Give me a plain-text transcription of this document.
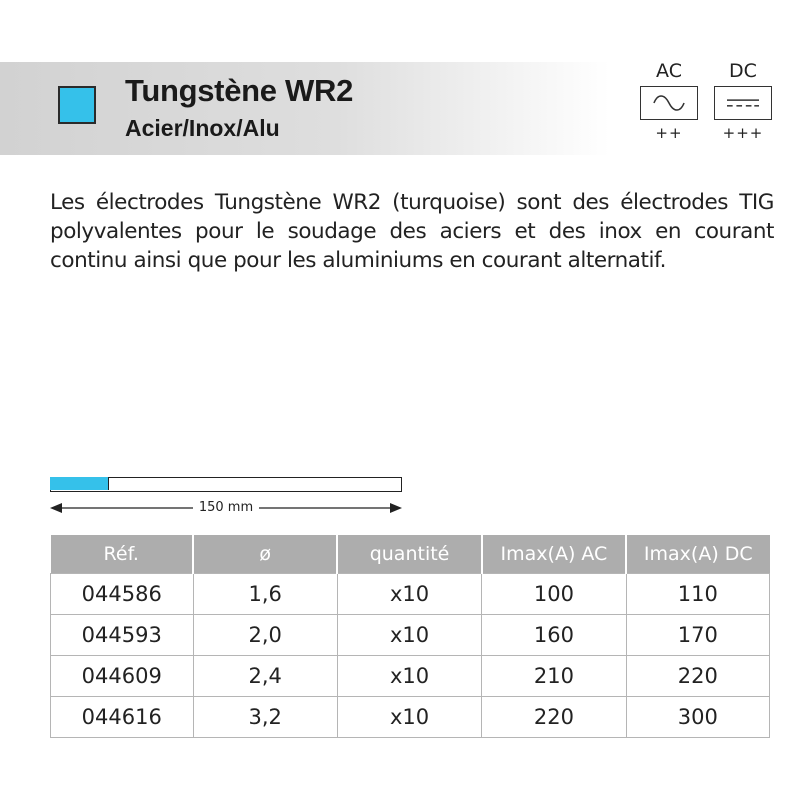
Tungstène WR2
Acier/Inox/Alu
AC
++
DC
+++
Les électrodes Tungstène WR2 (turquoise) sont des électrodes TIG polyvalentes pour le soudage des aciers et des inox en courant continu ainsi que pour les aluminiums en courant alternatif.
150 mm
Réf.	ø	quantité	Imax(A) AC	Imax(A) DC
044586	1,6	x10	100	110
044593	2,0	x10	160	170
044609	2,4	x10	210	220
044616	3,2	x10	220	300
